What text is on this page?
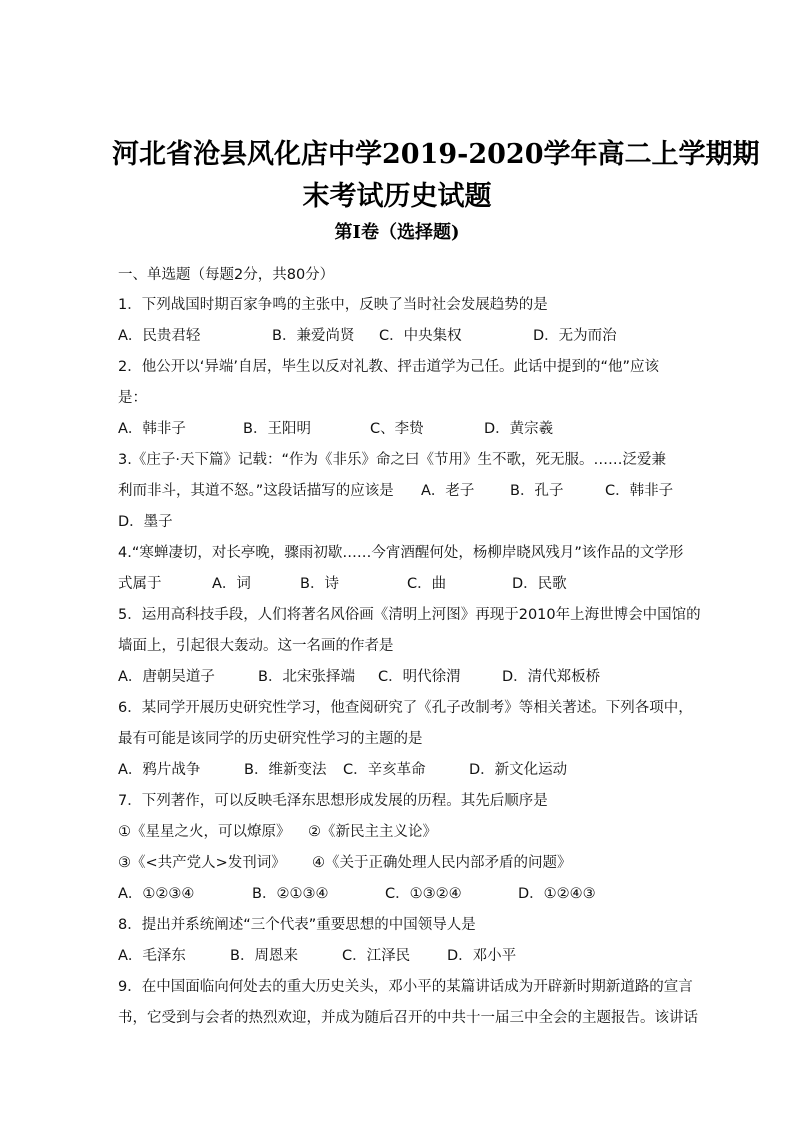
河北省沧县风化店中学2019-2020学年高二上学期期
末考试历史试题
第Ⅰ卷（选择题)
一、单选题（每题2分，共80分）
1．下列战国时期百家争鸣的主张中，反映了当时社会发展趋势的是
A．民贵君轻	B．兼爱尚贤 C．中央集权	D．无为而治
2．他公开以‘异端’自居，毕生以反对礼教、抨击道学为己任。此话中提到的“他”应该
是：
A．韩非子	B．王阳明	C、李贽	D．黄宗羲
3.《庄子·天下篇》记载：“作为《非乐》命之曰《节用》生不歌，死无服。……泛爱兼
利而非斗，其道不怒。”这段话描写的应该是 A．老子 B．孔子	C．韩非子
D．墨子
4.“寒蝉凄切，对长亭晚，骤雨初歇……今宵酒醒何处，杨柳岸晓风残月”该作品的文学形
式属于	A．词	B．诗	C．曲	D．民歌
5．运用高科技手段，人们将著名风俗画《清明上河图》再现于2010年上海世博会中国馆的
墙面上，引起很大轰动。这一名画的作者是
A．唐朝吴道子	B．北宋张择端 C．明代徐渭	D．清代郑板桥
6．某同学开展历史研究性学习，他查阅研究了《孔子改制考》等相关著述。下列各项中，
最有可能是该同学的历史研究性学习的主题的是
A．鸦片战争	B．维新变法 C．辛亥革命	D．新文化运动
7．下列著作，可以反映毛泽东思想形成发展的历程。其先后顺序是
①《星星之火，可以燎原》 ②《新民主主义论》
③《<共产党人>发刊词》 ④《关于正确处理人民内部矛盾的问题》
A．①②③④	B．②①③④	C．①③②④	D．①②④③
8．提出并系统阐述“三个代表”重要思想的中国领导人是
A．毛泽东	B．周恩来	C．江泽民	D．邓小平
9．在中国面临向何处去的重大历史关头，邓小平的某篇讲话成为开辟新时期新道路的宣言
书，它受到与会者的热烈欢迎，并成为随后召开的中共十一届三中全会的主题报告。该讲话
